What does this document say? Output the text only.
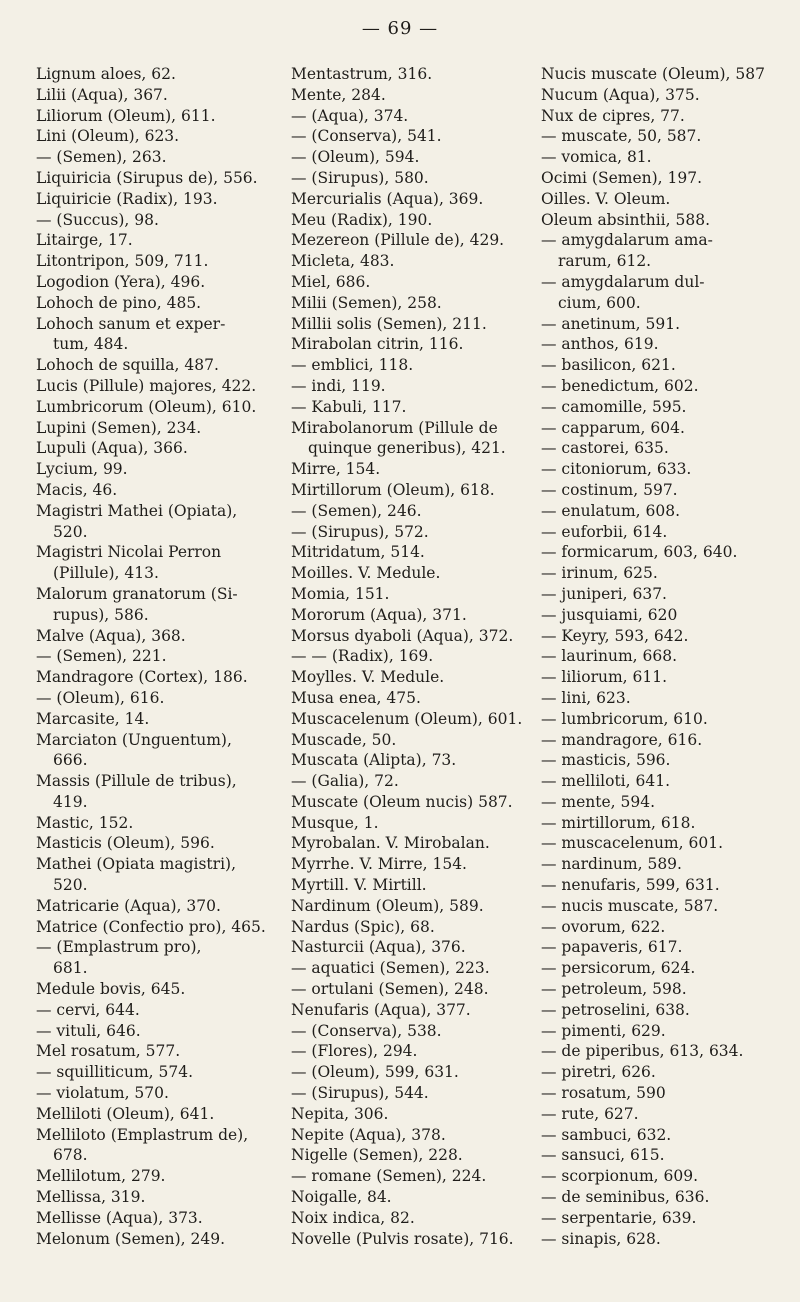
— 69 —
Lignum aloes, 62.
Lilii (Aqua), 367.
Liliorum (Oleum), 611.
Lini (Oleum), 623.
— (Semen), 263.
Liquiricia (Sirupus de), 556.
Liquiricie (Radix), 193.
— (Succus), 98.
Litairge, 17.
Litontripon, 509, 711.
Logodion (Yera), 496.
Lohoch de pino, 485.
Lohoch sanum et exper-
tum, 484.
Lohoch de squilla, 487.
Lucis (Pillule) majores, 422.
Lumbricorum (Oleum), 610.
Lupini (Semen), 234.
Lupuli (Aqua), 366.
Lycium, 99.
Macis, 46.
Magistri Mathei (Opiata),
520.
Magistri Nicolai Perron
(Pillule), 413.
Malorum granatorum (Si-
rupus), 586.
Malve (Aqua), 368.
— (Semen), 221.
Mandragore (Cortex), 186.
— (Oleum), 616.
Marcasite, 14.
Marciaton (Unguentum),
666.
Massis (Pillule de tribus),
419.
Mastic, 152.
Masticis (Oleum), 596.
Mathei (Opiata magistri),
520.
Matricarie (Aqua), 370.
Matrice (Confectio pro), 465.
— (Emplastrum pro),
681.
Medule bovis, 645.
— cervi, 644.
— vituli, 646.
Mel rosatum, 577.
— squilliticum, 574.
— violatum, 570.
Melliloti (Oleum), 641.
Melliloto (Emplastrum de),
678.
Mellilotum, 279.
Mellissa, 319.
Mellisse (Aqua), 373.
Melonum (Semen), 249.
Mentastrum, 316.
Mente, 284.
— (Aqua), 374.
— (Conserva), 541.
— (Oleum), 594.
— (Sirupus), 580.
Mercurialis (Aqua), 369.
Meu (Radix), 190.
Mezereon (Pillule de), 429.
Micleta, 483.
Miel, 686.
Milii (Semen), 258.
Millii solis (Semen), 211.
Mirabolan citrin, 116.
— emblici, 118.
— indi, 119.
— Kabuli, 117.
Mirabolanorum (Pillule de
quinque generibus), 421.
Mirre, 154.
Mirtillorum (Oleum), 618.
— (Semen), 246.
— (Sirupus), 572.
Mitridatum, 514.
Moilles. V. Medule.
Momia, 151.
Mororum (Aqua), 371.
Morsus dyaboli (Aqua), 372.
— — (Radix), 169.
Moylles. V. Medule.
Musa enea, 475.
Muscacelenum (Oleum), 601.
Muscade, 50.
Muscata (Alipta), 73.
— (Galia), 72.
Muscate (Oleum nucis) 587.
Musque, 1.
Myrobalan. V. Mirobalan.
Myrrhe. V. Mirre, 154.
Myrtill. V. Mirtill.
Nardinum (Oleum), 589.
Nardus (Spic), 68.
Nasturcii (Aqua), 376.
— aquatici (Semen), 223.
— ortulani (Semen), 248.
Nenufaris (Aqua), 377.
— (Conserva), 538.
— (Flores), 294.
— (Oleum), 599, 631.
— (Sirupus), 544.
Nepita, 306.
Nepite (Aqua), 378.
Nigelle (Semen), 228.
— romane (Semen), 224.
Noigalle, 84.
Noix indica, 82.
Novelle (Pulvis rosate), 716.
Nucis muscate (Oleum), 587
Nucum (Aqua), 375.
Nux de cipres, 77.
— muscate, 50, 587.
— vomica, 81.
Ocimi (Semen), 197.
Oilles. V. Oleum.
Oleum absinthii, 588.
— amygdalarum ama-
rarum, 612.
— amygdalarum dul-
cium, 600.
— anetinum, 591.
— anthos, 619.
— basilicon, 621.
— benedictum, 602.
— camomille, 595.
— capparum, 604.
— castorei, 635.
— citoniorum, 633.
— costinum, 597.
— enulatum, 608.
— euforbii, 614.
— formicarum, 603, 640.
— irinum, 625.
— juniperi, 637.
— jusquiami, 620
— Keyry, 593, 642.
— laurinum, 668.
— liliorum, 611.
— lini, 623.
— lumbricorum, 610.
— mandragore, 616.
— masticis, 596.
— melliloti, 641.
— mente, 594.
— mirtillorum, 618.
— muscacelenum, 601.
— nardinum, 589.
— nenufaris, 599, 631.
— nucis muscate, 587.
— ovorum, 622.
— papaveris, 617.
— persicorum, 624.
— petroleum, 598.
— petroselini, 638.
— pimenti, 629.
— de piperibus, 613, 634.
— piretri, 626.
— rosatum, 590
— rute, 627.
— sambuci, 632.
— sansuci, 615.
— scorpionum, 609.
— de seminibus, 636.
— serpentarie, 639.
— sinapis, 628.
